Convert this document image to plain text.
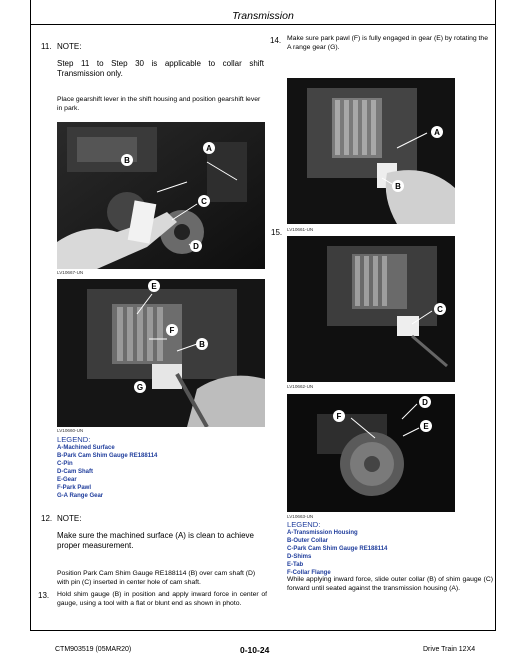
Transmission
11. NOTE:
Step 11 to Step 30 is applicable to collar shift Transmission only.
Place gearshift lever in the shift housing and position gearshift lever in park.
A
B
C
D
LV10667-UN
E
F
B
G
LV10660-UN
LEGEND:
A-Machined Surface
B-Park Cam Shim Gauge RE188114
C-Pin
D-Cam Shaft
E-Gear
F-Park Pawl
G-A Range Gear
12. NOTE:
Make sure the machined surface (A) is clean to achieve proper measurement.
Position Park Cam Shim Gauge RE188114 (B) over cam shaft (D) with pin (C) inserted in center hole of cam shaft.
13. Hold shim gauge (B) in position and apply inward force in center of gauge, using a tool with a flat or blunt end as shown in photo.
14. Make sure park pawl (F) is fully engaged in gear (E) by rotating the A range gear (G).
A
B
LV10661-UN
15.
C
LV10662-UN
D
E
F
LV10663-UN
LEGEND:
A-Transmission Housing
B-Outer Collar
C-Park Cam Shim Gauge RE188114
D-Shims
E-Tab
F-Collar Flange
While applying inward force, slide outer collar (B) of shim gauge (C) forward until seated against the transmission housing (A).
CTM903519 (05MAR20)	0-10-24	Drive Train 12X4
